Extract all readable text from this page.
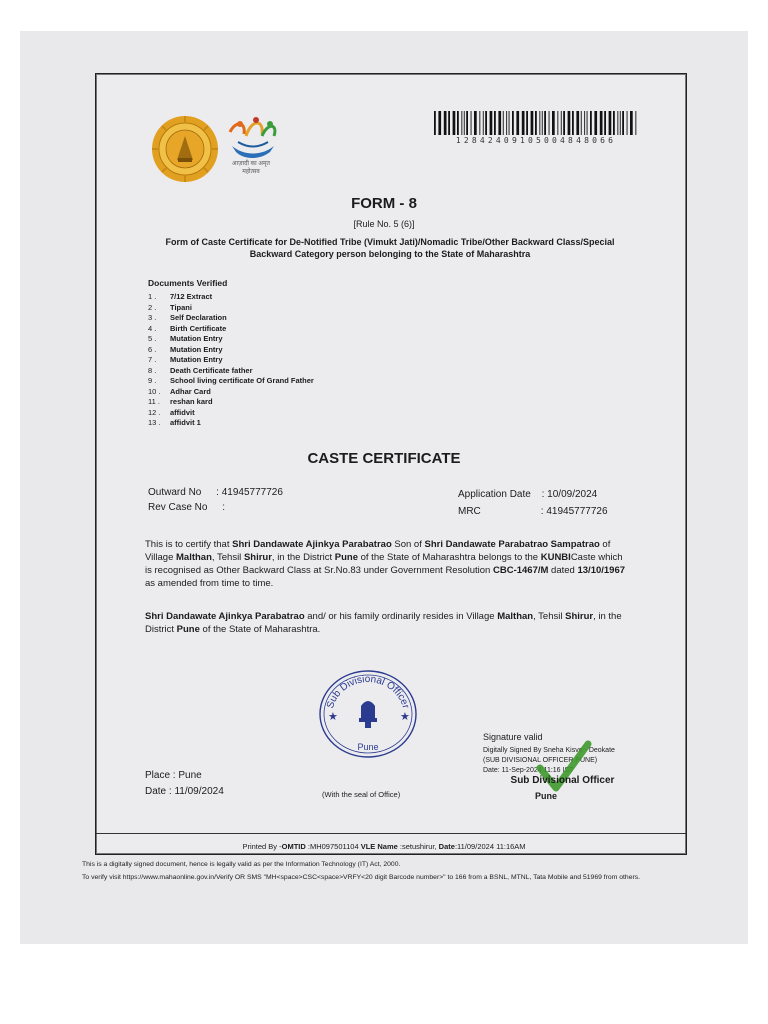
आज़ादी का अमृत महोत्सव
12842409105004848066
FORM - 8
[Rule No. 5 (6)]
Form of Caste Certificate for De-Notified Tribe (Vimukt Jati)/Nomadic Tribe/Other Backward Class/Special Backward Category person belonging to the State of Maharashtra
Documents Verified
1 . 7/12 Extract
2 . Tipani
3 . Self Declaration
4 . Birth Certificate
5 . Mutation Entry
6 . Mutation Entry
7 . Mutation Entry
8 . Death Certificate father
9 . School living certificate Of Grand Father
10 . Adhar Card
11 . reshan kard
12 . affidvit
13 . affidvit 1
CASTE CERTIFICATE
Outward No : 41945777726
Rev Case No :
Application Date : 10/09/2024
MRC	: 41945777726
This is to certify that Shri Dandawate Ajinkya Parabatrao Son of Shri Dandawate Parabatrao Sampatrao of Village Malthan, Tehsil Shirur, in the District Pune of the State of Maharashtra belongs to the KUNBICaste which is recognised as Other Backward Class at Sr.No.83 under Government Resolution CBC-1467/M dated 13/10/1967 as amended from time to time.
Shri Dandawate Ajinkya Parabatrao and/ or his family ordinarily resides in Village Malthan, Tehsil Shirur, in the District Pune of the State of Maharashtra.
Sub Divisional Officer
Pune
★	★
Signature valid
Digitally Signed By Sneha Kisve - Deokate
(SUB DIVISIONAL OFFICER PUNE)
Date: 11-Sep-2024 11:16 IST
Sub Divisional Officer
Pune
Place : Pune
Date : 11/09/2024	(With the seal of Office)
Printed By -OMTID :MH097501104 VLE Name :setushirur, Date:11/09/2024 11:16AM
This is a digitally signed document, hence is legally valid as per the Information Technology (IT) Act, 2000.
To verify visit https://www.mahaonline.gov.in/Verify OR SMS "MH<space>CSC<space>VRFY<20 digit Barcode number>" to 166 from a BSNL, MTNL, Tata Mobile and 51969 from others.
